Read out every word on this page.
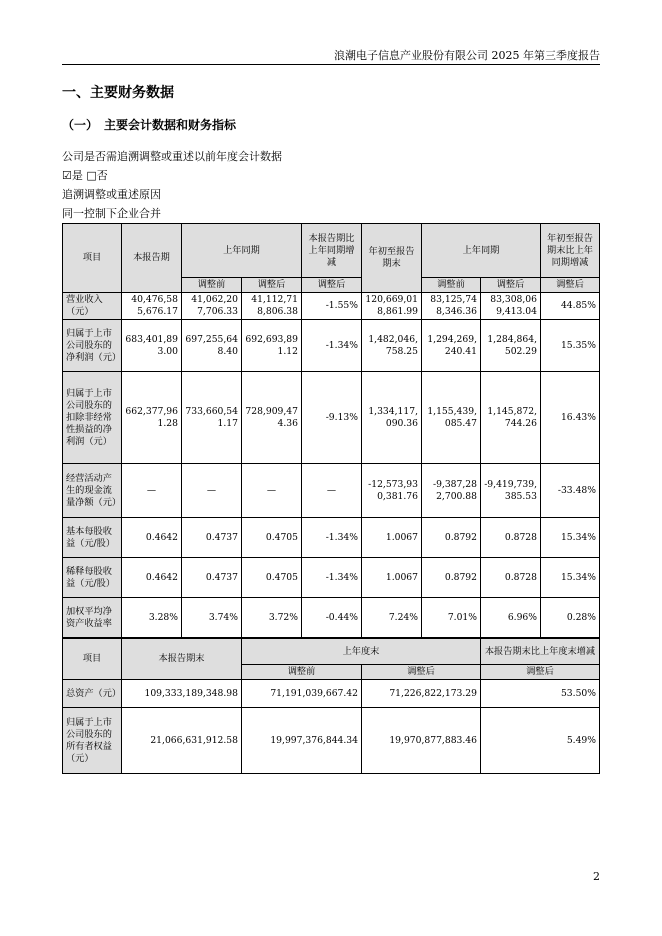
浪潮电子信息产业股份有限公司 2025 年第三季度报告
一、主要财务数据
（一）　主要会计数据和财务指标
公司是否需追溯调整或重述以前年度会计数据
☑是 □否
追溯调整或重述原因
同一控制下企业合并
项目	本报告期	上年同期		本报告期比上年同期增减	年初至报告期末	上年同期		年初至报告期末比上年同期增减
		调整前	调整后	调整后		调整前	调整后	调整后
营业收入（元）	40,476,585,676.17	41,062,207,706.33	41,112,718,806.38	-1.55%	120,669,018,861.99	83,125,748,346.36	83,308,069,413.04	44.85%
归属于上市公司股东的净利润（元）	683,401,893.00	697,255,648.40	692,693,891.12	-1.34%	1,482,046,758.25	1,294,269,240.41	1,284,864,502.29	15.35%
归属于上市公司股东的扣除非经常性损益的净利润（元）	662,377,961.28	733,660,541.17	728,909,474.36	-9.13%	1,334,117,090.36	1,155,439,085.47	1,145,872,744.26	16.43%
经营活动产生的现金流量净额（元）	—	—	—	—	-12,573,930,381.76	-9,387,282,700.88	-9,419,739,385.53	-33.48%
基本每股收益（元/股）	0.4642	0.4737	0.4705	-1.34%	1.0067	0.8792	0.8728	15.34%
稀释每股收益（元/股）	0.4642	0.4737	0.4705	-1.34%	1.0067	0.8792	0.8728	15.34%
加权平均净资产收益率	3.28%	3.74%	3.72%	-0.44%	7.24%	7.01%	6.96%	0.28%
项目	本报告期末	上年度末		本报告期末比上年度末增减
		调整前	调整后	调整后
总资产（元）	109,333,189,348.98	71,191,039,667.42	71,226,822,173.29	53.50%
归属于上市公司股东的所有者权益（元）	21,066,631,912.58	19,997,376,844.34	19,970,877,883.46	5.49%
2
